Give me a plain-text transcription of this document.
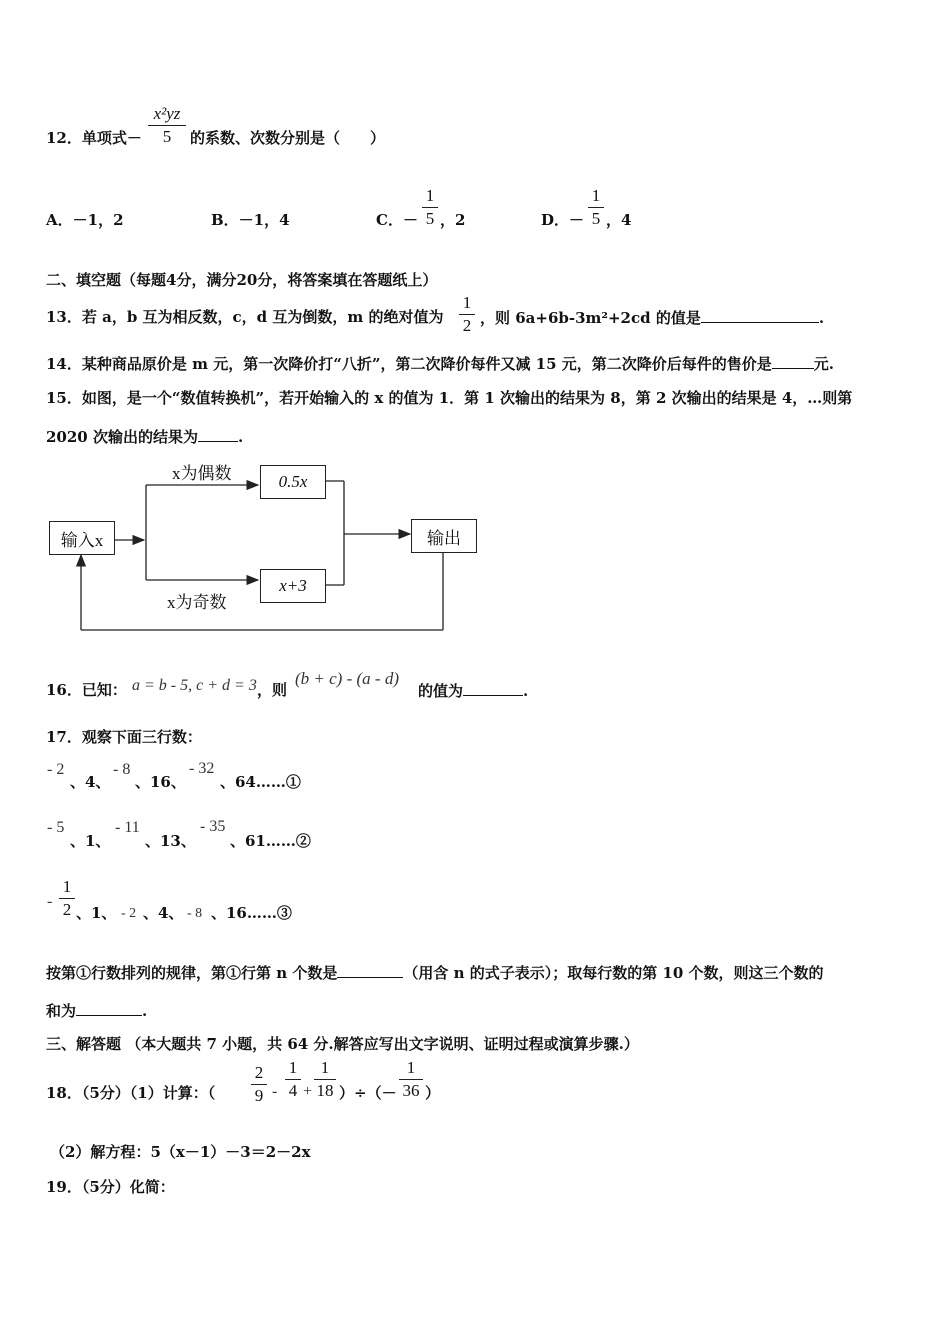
12．单项式－
x²yz
5	的系数、次数分别是（　　）
A．－1，2	B．－1，4	C．－
1
5 ，2	D．－
1
5 ，4
二、填空题（每题4分，满分20分，将答案填在答题纸上）
13．若 a，b 互为相反数，c，d 互为倒数，m 的绝对值为
1
2 ，则 6a+6b-3m²+2cd 的值是	.
14．某种商品原价是 m 元，第一次降价打“八折”，第二次降价每件又减 15 元，第二次降价后每件的售价是	元.
15．如图，是一个“数值转换机”，若开始输入的 x 的值为 1．第 1 次输出的结果为 8，第 2 次输出的结果是 4，…则第
2020 次输出的结果为	.
输入x
0.5x
x+3
输出
x为偶数
x为奇数
16．已知： a = b - 5, c + d = 3 ，则
(b + c) - (a - d)
的值为	.
17．观察下面三行数：
- 2
、4、
- 8
、16、
- 32
、64……①
- 5
、1、
- 11
、13、
- 35
、61……②
-
1
2 、1、 - 2 、4、 - 8 、16……③
按第①行数排列的规律，第①行第 n 个数是	（用含 n 的式子表示）；取每行数的第 10 个数，则这三个数的
和为	.
三、解答题 （本大题共 7 小题，共 64 分.解答应写出文字说明、证明过程或演算步骤.）
18．（5分）（1）计算：（
2
9 -
1
4 +
1
18 ）÷（－
1
36 ）
（2）解方程：5（x－1）－3＝2－2x
19．（5分）化简：
